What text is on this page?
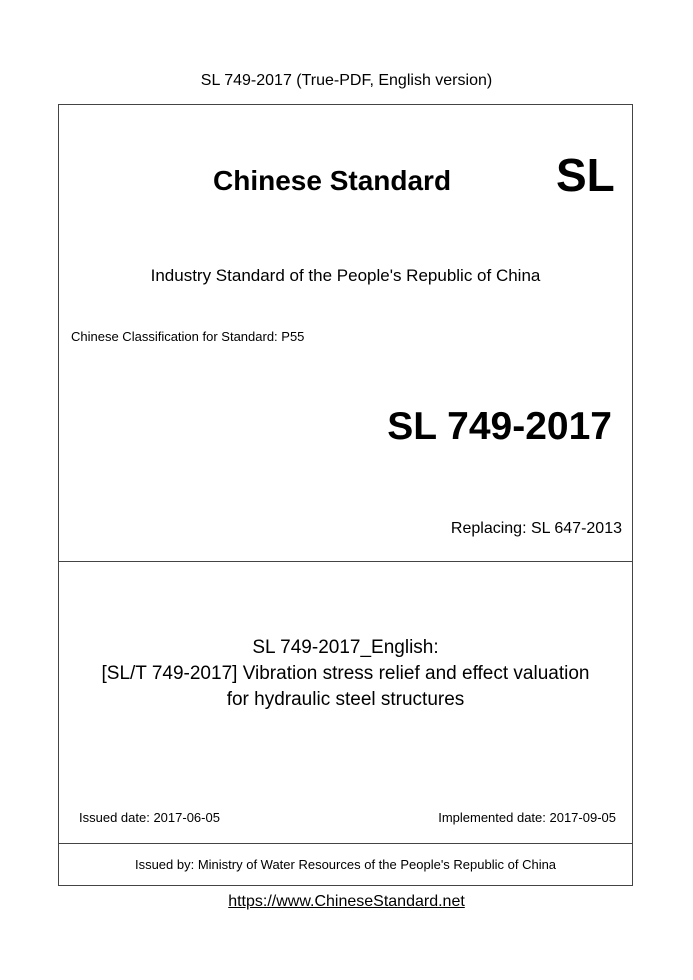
SL 749-2017 (True-PDF, English version)
Chinese Standard SL
Industry Standard of the People's Republic of China
Chinese Classification for Standard: P55
SL 749-2017
Replacing: SL 647-2013
SL 749-2017_English:
[SL/T 749-2017] Vibration stress relief and effect valuation
for hydraulic steel structures
Issued date: 2017-06-05	Implemented date: 2017-09-05
Issued by: Ministry of Water Resources of the People's Republic of China
https://www.ChineseStandard.net
